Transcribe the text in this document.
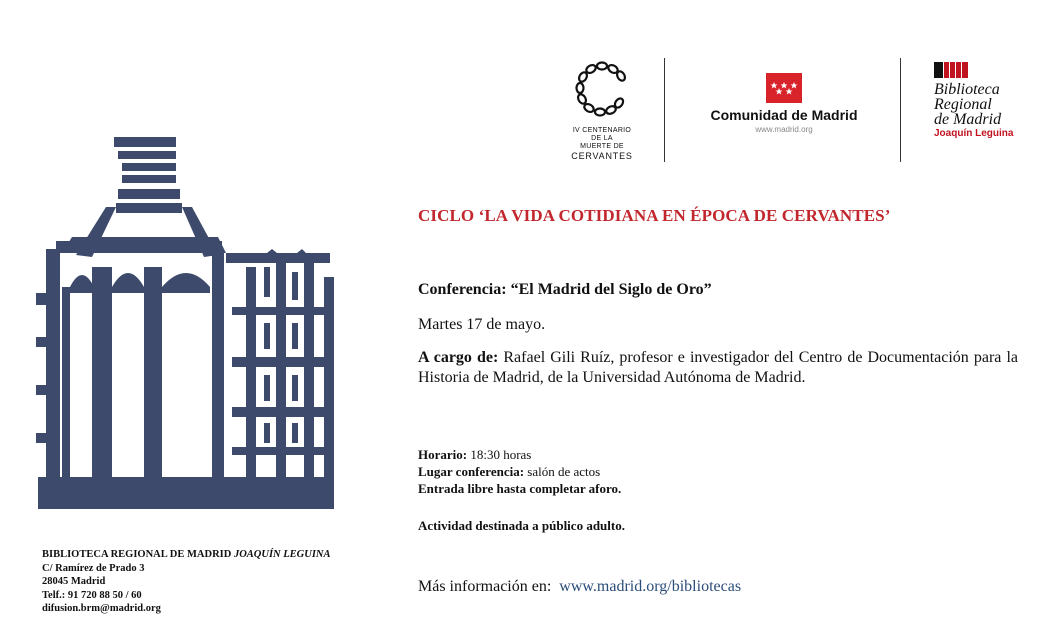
IV CENTENARIO
DE LA
MUERTE DE
CERVANTES
Comunidad de Madrid
www.madrid.org
Biblioteca
Regional
de Madrid
Joaquín Leguina
CICLO ‘LA VIDA COTIDIANA EN ÉPOCA DE CERVANTES’
Conferencia: “El Madrid del Siglo de Oro”
Martes 17 de mayo.
A cargo de: Rafael Gili Ruíz, profesor e investigador del Centro de Documentación para la Historia de Madrid, de la Universidad Autónoma de Madrid.
Horario: 18:30 horas
Lugar conferencia: salón de actos
Entrada libre hasta completar aforo.
Actividad destinada a público adulto.
Más información en: www.madrid.org/bibliotecas
BIBLIOTECA REGIONAL DE MADRID JOAQUÍN LEGUINA
C/ Ramírez de Prado 3
28045 Madrid
Telf.: 91 720 88 50 / 60
difusion.brm@madrid.org
